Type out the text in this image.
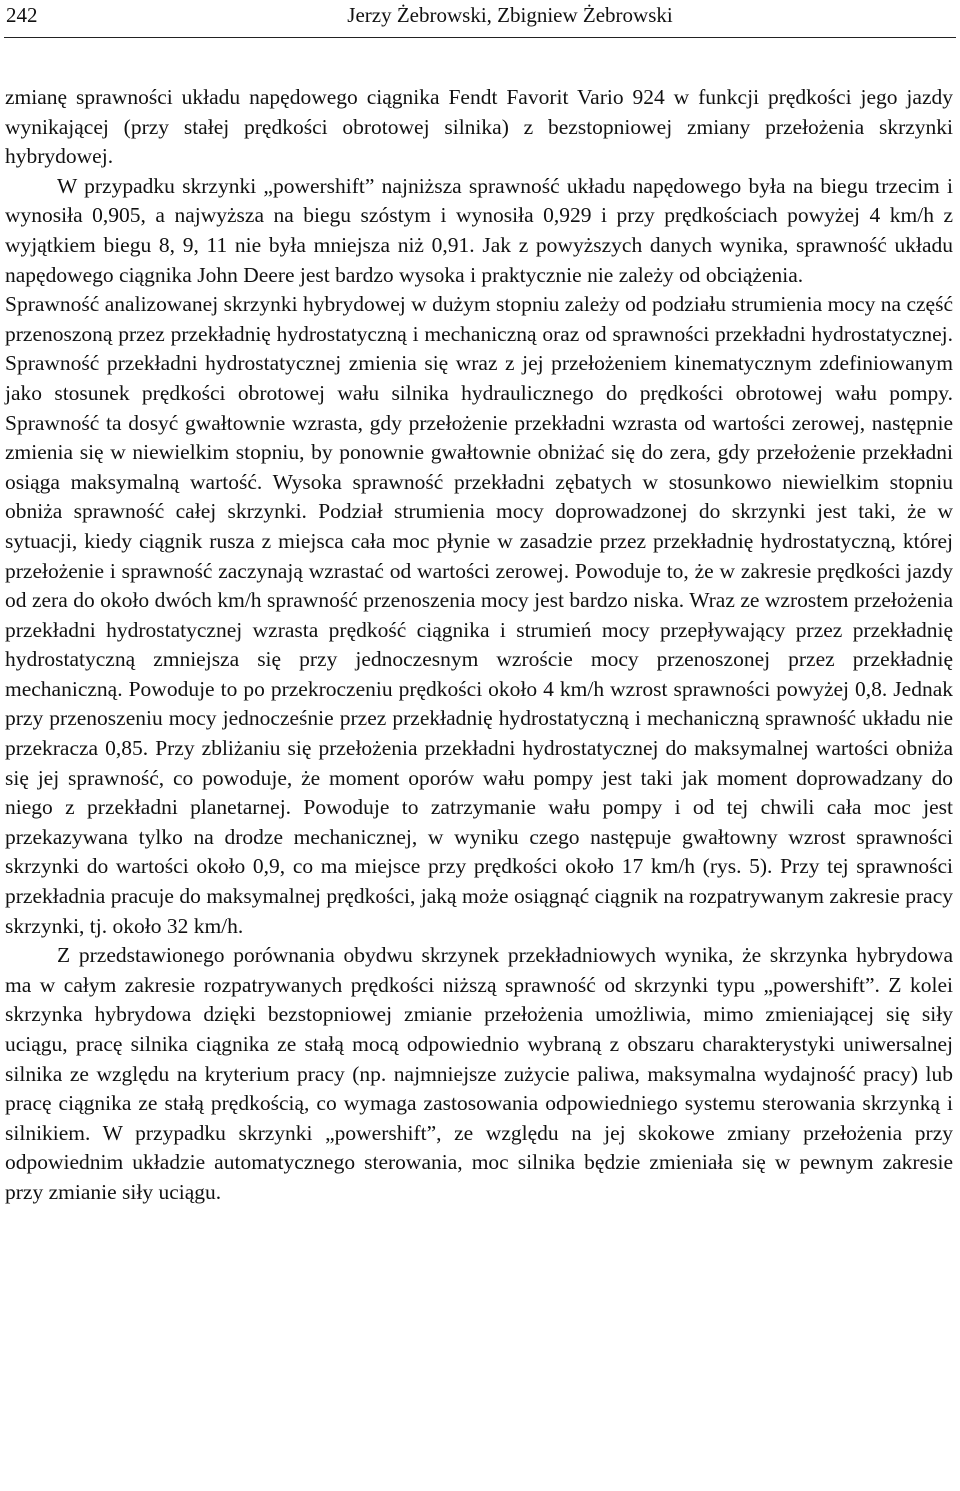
242	Jerzy Żebrowski, Zbigniew Żebrowski

zmianę sprawności układu napędowego ciągnika Fendt Favorit Vario 924 w funkcji prędkości jego jazdy wynikającej (przy stałej prędkości obrotowej silnika) z bezstopniowej zmiany przełożenia skrzynki hybrydowej.

W przypadku skrzynki „powershift” najniższa sprawność układu napędowego była na biegu trzecim i wynosiła 0,905, a najwyższa na biegu szóstym i wynosiła 0,929 i przy prędkościach powyżej 4 km/h z wyjątkiem biegu 8, 9, 11 nie była mniejsza niż 0,91. Jak z powyższych danych wynika, sprawność układu napędowego ciągnika John Deere jest bardzo wysoka i praktycznie nie zależy od obciążenia.

Sprawność analizowanej skrzynki hybrydowej w dużym stopniu zależy od podziału strumienia mocy na część przenoszoną przez przekładnię hydrostatyczną i mechaniczną oraz od sprawności przekładni hydrostatycznej. Sprawność przekładni hydrostatycznej zmienia się wraz z jej przełożeniem kinematycznym zdefiniowanym jako stosunek prędkości obrotowej wału silnika hydraulicznego do prędkości obrotowej wału pompy. Sprawność ta dosyć gwałtownie wzrasta, gdy przełożenie przekładni wzrasta od wartości zerowej, następnie zmienia się w niewielkim stopniu, by ponownie gwałtownie obniżać się do zera, gdy przełożenie przekładni osiąga maksymalną wartość. Wysoka sprawność przekładni zębatych w stosunkowo niewielkim stopniu obniża sprawność całej skrzynki. Podział strumienia mocy doprowadzonej do skrzynki jest taki, że w sytuacji, kiedy ciągnik rusza z miejsca cała moc płynie w zasadzie przez przekładnię hydrostatyczną, której przełożenie i sprawność zaczynają wzrastać od wartości zerowej. Powoduje to, że w zakresie prędkości jazdy od zera do około dwóch km/h sprawność przenoszenia mocy jest bardzo niska. Wraz ze wzrostem przełożenia przekładni hydrostatycznej wzrasta prędkość ciągnika i strumień mocy przepływający przez przekładnię hydrostatyczną zmniejsza się przy jednoczesnym wzroście mocy przenoszonej przez przekładnię mechaniczną. Powoduje to po przekroczeniu prędkości około 4 km/h wzrost sprawności powyżej 0,8. Jednak przy przenoszeniu mocy jednocześnie przez przekładnię hydrostatyczną i mechaniczną sprawność układu nie przekracza 0,85. Przy zbliżaniu się przełożenia przekładni hydrostatycznej do maksymalnej wartości obniża się jej sprawność, co powoduje, że moment oporów wału pompy jest taki jak moment doprowadzany do niego z przekładni planetarnej. Powoduje to zatrzymanie wału pompy i od tej chwili cała moc jest przekazywana tylko na drodze mechanicznej, w wyniku czego następuje gwałtowny wzrost sprawności skrzynki do wartości około 0,9, co ma miejsce przy prędkości około 17 km/h (rys. 5). Przy tej sprawności przekładnia pracuje do maksymalnej prędkości, jaką może osiągnąć ciągnik na rozpatrywanym zakresie pracy skrzynki, tj. około 32 km/h.

Z przedstawionego porównania obydwu skrzynek przekładniowych wynika, że skrzynka hybrydowa ma w całym zakresie rozpatrywanych prędkości niższą sprawność od skrzynki typu „powershift”. Z kolei skrzynka hybrydowa dzięki bezstopniowej zmianie przełożenia umożliwia, mimo zmieniającej się siły uciągu, pracę silnika ciągnika ze stałą mocą odpowiednio wybraną z obszaru charakterystyki uniwersalnej silnika ze względu na kryterium pracy (np. najmniejsze zużycie paliwa, maksymalna wydajność pracy) lub pracę ciągnika ze stałą prędkością, co wymaga zastosowania odpowiedniego systemu sterowania skrzynką i silnikiem. W przypadku skrzynki „powershift”, ze względu na jej skokowe zmiany przełożenia przy odpowiednim układzie automatycznego sterowania, moc silnika będzie zmieniała się w pewnym zakresie przy zmianie siły uciągu.
